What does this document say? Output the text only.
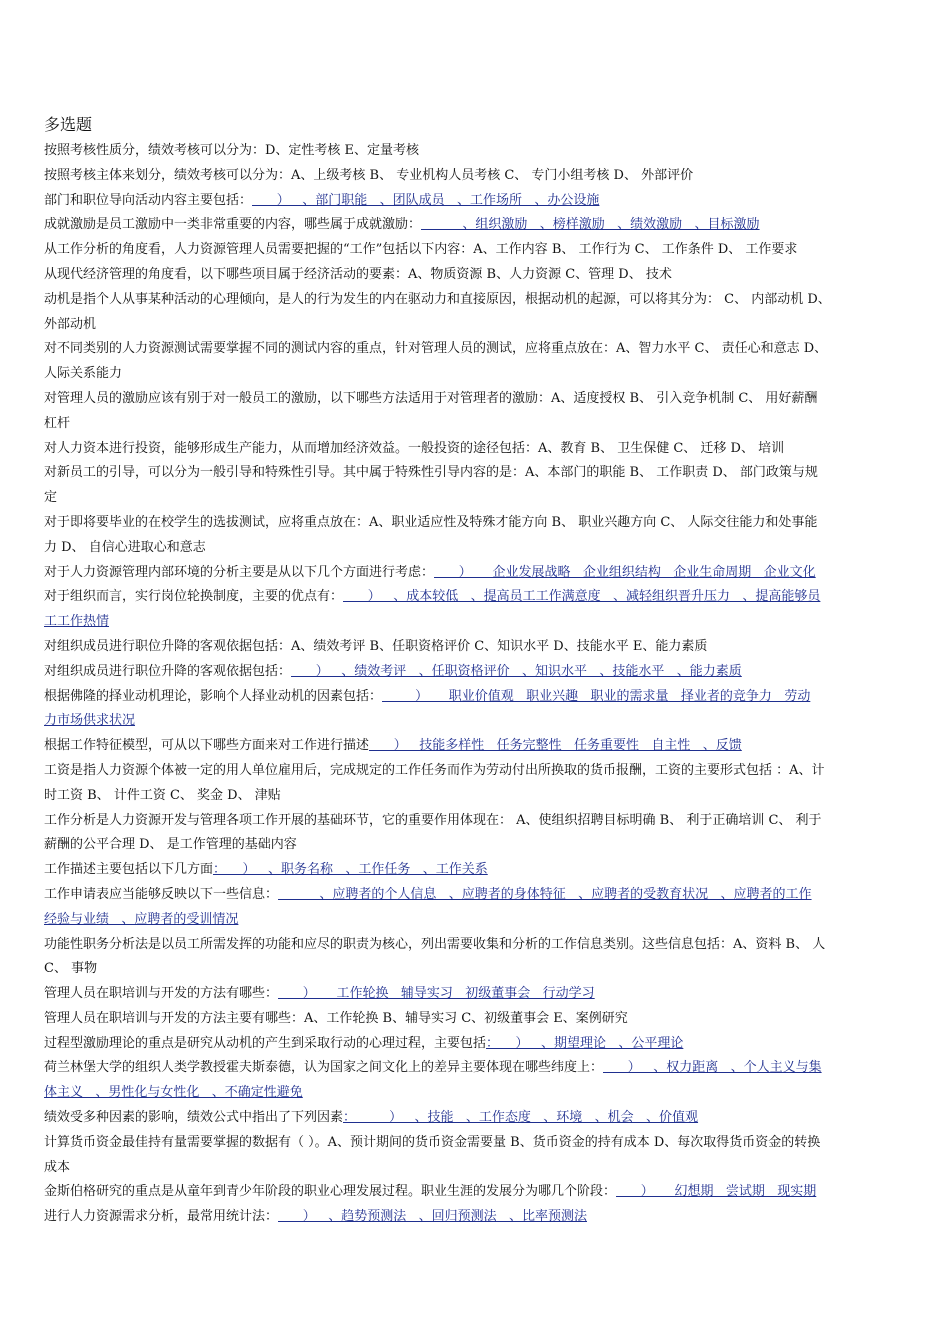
多选题
按照考核性质分，绩效考核可以分为：D、定性考核 E、定量考核
按照考核主体来划分，绩效考核可以分为：A、上级考核 B、 专业机构人员考核 C、 专门小组考核 D、 外部评价
部门和职位导向活动内容主要包括：      ）   、部门职能   、团队成员   、工作场所   、办公设施
成就激励是员工激励中一类非常重要的内容，哪些属于成就激励：          、组织激励   、榜样激励   、绩效激励   、目标激励
从工作分析的角度看，人力资源管理人员需要把握的“工作”包括以下内容：A、工作内容 B、 工作行为 C、 工作条件 D、 工作要求
从现代经济管理的角度看，以下哪些项目属于经济活动的要素：A、物质资源 B、人力资源 C、管理 D、 技术
动机是指个人从事某种活动的心理倾向，是人的行为发生的内在驱动力和直接原因，根据动机的起源，可以将其分为： C、 内部动机 D、
外部动机
对不同类别的人力资源测试需要掌握不同的测试内容的重点，针对管理人员的测试，应将重点放在：A、智力水平 C、 责任心和意志 D、
人际关系能力
对管理人员的激励应该有别于对一般员工的激励，以下哪些方法适用于对管理者的激励：A、适度授权 B、 引入竞争机制 C、 用好薪酬
杠杆
对人力资本进行投资，能够形成生产能力，从而增加经济效益。一般投资的途径包括：A、教育 B、 卫生保健 C、 迁移 D、 培训
对新员工的引导，可以分为一般引导和特殊性引导。其中属于特殊性引导内容的是：A、本部门的职能 B、 工作职责 D、 部门政策与规
定
对于即将要毕业的在校学生的选拔测试，应将重点放在：A、职业适应性及特殊才能方向 B、 职业兴趣方向 C、 人际交往能力和处事能
力 D、 自信心进取心和意志
对于人力资源管理内部环境的分析主要是从以下几个方面进行考虑：      ）     企业发展战略   企业组织结构   企业生命周期   企业文化
对于组织而言，实行岗位轮换制度，主要的优点有：      ）   、成本较低   、提高员工工作满意度   、减轻组织晋升压力   、提高能够员
工工作热情
对组织成员进行职位升降的客观依据包括：A、绩效考评 B、任职资格评价 C、知识水平 D、技能水平 E、能力素质
对组织成员进行职位升降的客观依据包括：      ）   、绩效考评   、任职资格评价   、知识水平   、技能水平   、能力素质
根据佛隆的择业动机理论，影响个人择业动机的因素包括：        ）     职业价值观   职业兴趣   职业的需求量   择业者的竞争力   劳动
力市场供求状况
根据工作特征模型，可从以下哪些方面来对工作进行描述      ）   技能多样性   任务完整性   任务重要性   自主性   、反馈
工资是指人力资源个体被一定的用人单位雇用后，完成规定的工作任务而作为劳动付出所换取的货币报酬，工资的主要形式包括 ：A、计
时工资 B、 计件工资 C、 奖金 D、 津贴
工作分析是人力资源开发与管理各项工作开展的基础环节，它的重要作用体现在： A、使组织招聘目标明确 B、 利于正确培训 C、 利于
薪酬的公平合理 D、 是工作管理的基础内容
工作描述主要包括以下几方面：    ）   、职务名称   、工作任务   、工作关系
工作申请表应当能够反映以下一些信息：          、应聘者的个人信息   、应聘者的身体特征   、应聘者的受教育状况   、应聘者的工作
经验与业绩   、应聘者的受训情况
功能性职务分析法是以员工所需发挥的功能和应尽的职责为核心，列出需要收集和分析的工作信息类别。这些信息包括：A、资料 B、 人
C、 事物
管理人员在职培训与开发的方法有哪些：      ）     工作轮换   辅导实习   初级董事会   行动学习
管理人员在职培训与开发的方法主要有哪些：A、工作轮换 B、辅导实习 C、初级董事会 E、案例研究
过程型激励理论的重点是研究从动机的产生到采取行动的心理过程，主要包括：    ）   、期望理论   、公平理论
荷兰林堡大学的组织人类学教授霍夫斯泰德，认为国家之间文化上的差异主要体现在哪些纬度上：      ）   、权力距离   、个人主义与集
体主义   、男性化与女性化   、不确定性避免
绩效受多种因素的影响，绩效公式中指出了下列因素：        ）   、技能   、工作态度   、环境   、机会   、价值观
计算货币资金最佳持有量需要掌握的数据有（ ）。A、预计期间的货币资金需要量 B、货币资金的持有成本 D、每次取得货币资金的转换
成本
金斯伯格研究的重点是从童年到青少年阶段的职业心理发展过程。职业生涯的发展分为哪几个阶段：      ）     幻想期   尝试期   现实期
进行人力资源需求分析，最常用统计法：      ）   、趋势预测法   、回归预测法   、比率预测法
